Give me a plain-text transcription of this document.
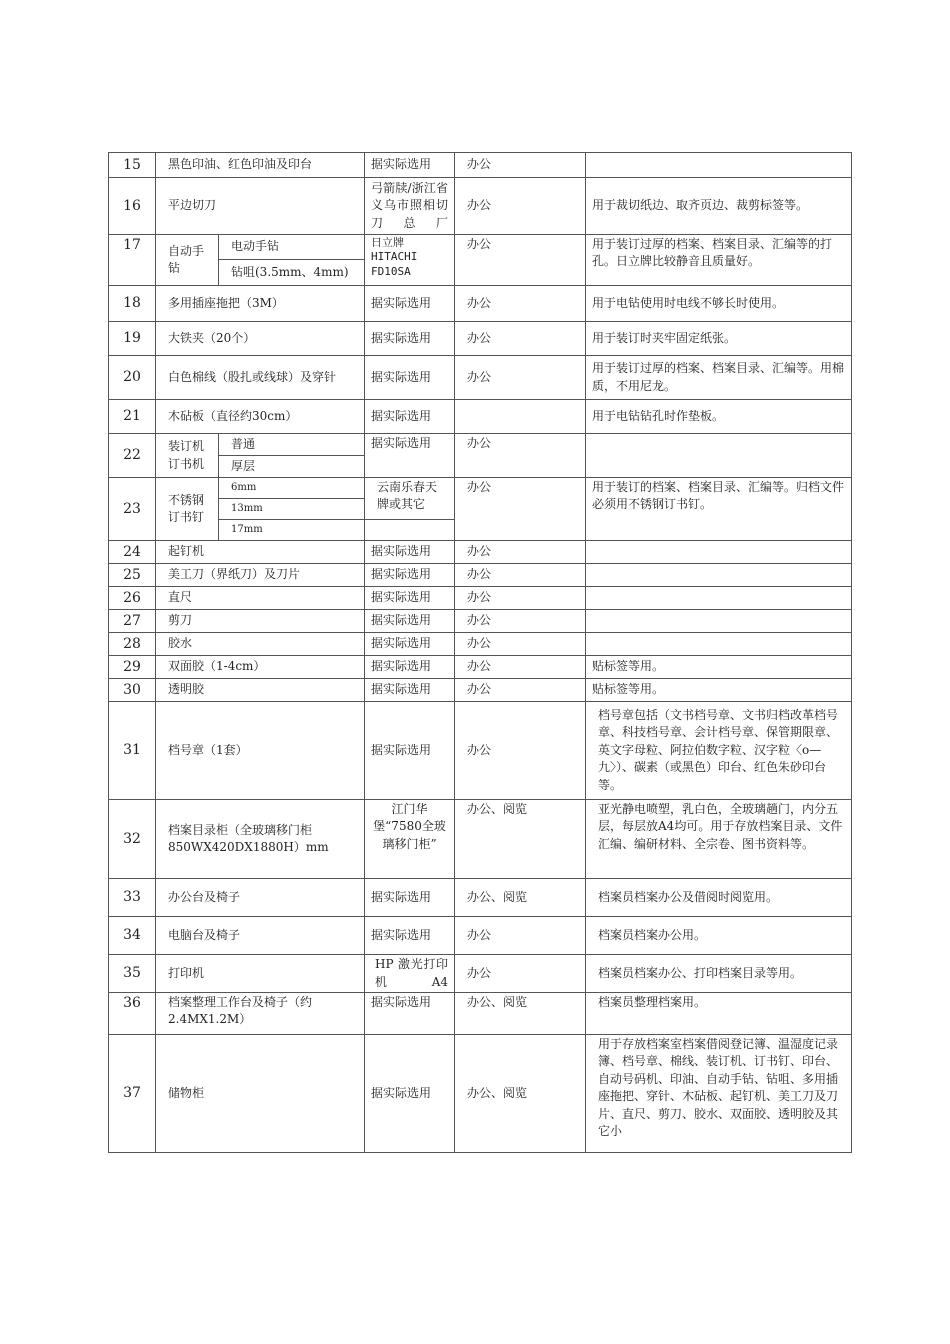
15	黑色印油、红色印油及印台		据实际选用	办公	
16	平边切刀		弓箭牍/浙江省义乌市照相切刀总厂	办公	用于裁切纸边、取齐页边、裁剪标签等。
17	自动手钻	电动手钻	日立牌 HITACHI FD10SA	办公	用于装订过厚的档案、档案目录、汇编等的打孔。日立牌比较静音且质量好。
		钻咀(3.5mm、4mm)			
18	多用插座拖把（3M）		据实际选用	办公	用于电钻使用时电线不够长时使用。
19	大铁夹（20个）		据实际选用	办公	用于装订时夹牢固定纸张。
20	白色棉线（股扎或线球）及穿针		据实际选用	办公	用于装订过厚的档案、档案目录、汇编等。用棉质，不用尼龙。
21	木砧板（直径约30cm）		据实际选用		用于电钻钻孔时作垫板。
22	装订机订书机	普通	据实际选用	办公	
		厚层			
23	不锈钢订书钉	6mm	云南乐春天牌或其它	办公	用于装订的档案、档案目录、汇编等。归档文件必须用不锈钢订书钉。
		13mm			
		17mm			
24	起钉机		据实际选用	办公	
25	美工刀（界纸刀）及刀片		据实际选用	办公	
26	直尺		据实际选用	办公	
27	剪刀		据实际选用	办公	
28	胶水		据实际选用	办公	
29	双面胶（1-4cm）		据实际选用	办公	贴标签等用。
30	透明胶		据实际选用	办公	贴标签等用。
31	档号章（1套）		据实际选用	办公	档号章包括（文书档号章、文书归档改革档号章、科技档号章、会计档号章、保管期限章、英文字母粒、阿拉伯数字粒、汉字粒〈o—九〉）、碳素（或黑色）印台、红色朱砂印台等。
32	档案目录柜（全玻璃移门柜850WX420DX1880H）mm		江门华堡“7580全玻璃移门柜”	办公、阅览	亚光静电喷塑，乳白色，全玻璃趟门，内分五层，每层放A4均可。用于存放档案目录、文件汇编、编研材料、全宗卷、图书资料等。
33	办公台及椅子		据实际选用	办公、阅览	档案员档案办公及借阅时阅览用。
34	电脑台及椅子		据实际选用	办公	档案员档案办公用。
35	打印机		HP 激光打印机A4	办公	档案员档案办公、打印档案目录等用。
36	档案整理工作台及椅子（约2.4MX1.2M）		据实际选用	办公、阅览	档案员整理档案用。
37	储物柜		据实际选用	办公、阅览	用于存放档案室档案借阅登记簿、温湿度记录簿、档号章、棉线、装订机、订书钉、印台、自动号码机、印油、自动手钻、钻咀、多用插座拖把、穿针、木砧板、起钉机、美工刀及刀片、直尺、剪刀、胶水、双面胶、透明胶及其它小
